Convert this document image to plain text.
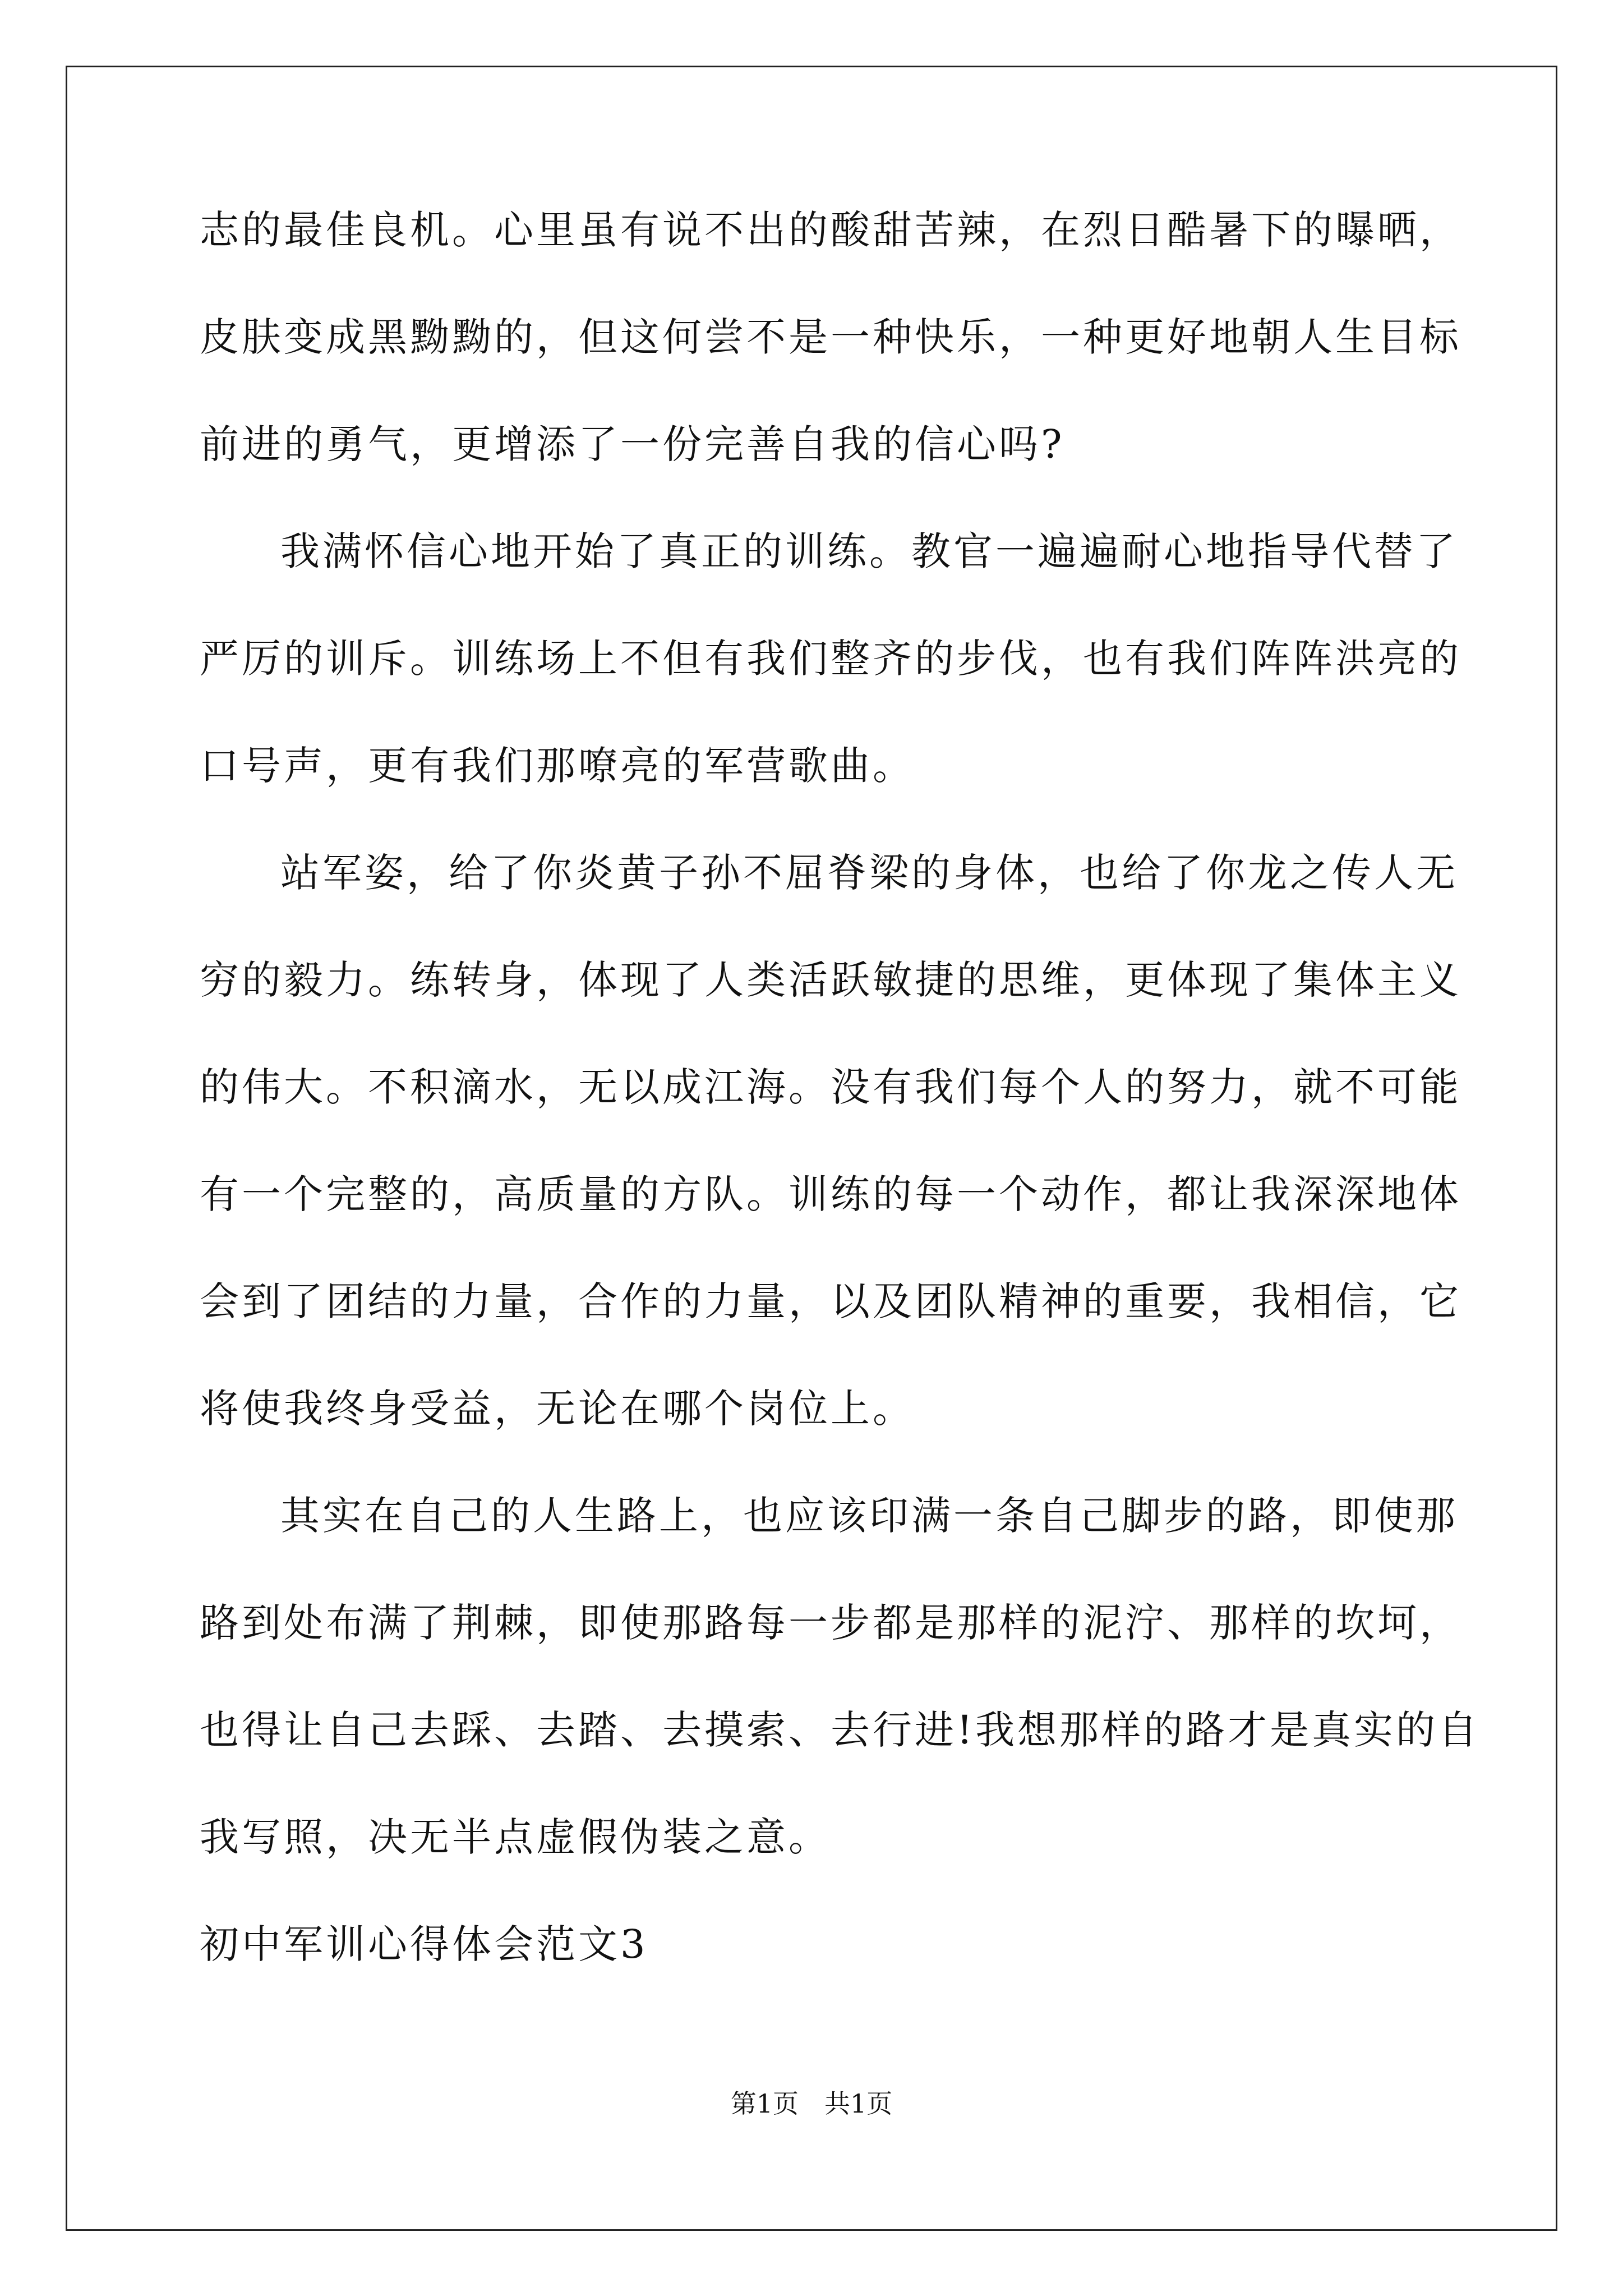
志的最佳良机。心里虽有说不出的酸甜苦辣，在烈日酷暑下的曝晒，
皮肤变成黑黝黝的，但这何尝不是一种快乐，一种更好地朝人生目标
前进的勇气，更增添了一份完善自我的信心吗?
我满怀信心地开始了真正的训练。教官一遍遍耐心地指导代替了
严厉的训斥。训练场上不但有我们整齐的步伐，也有我们阵阵洪亮的
口号声，更有我们那嘹亮的军营歌曲。
站军姿，给了你炎黄子孙不屈脊梁的身体，也给了你龙之传人无
穷的毅力。练转身，体现了人类活跃敏捷的思维，更体现了集体主义
的伟大。不积滴水，无以成江海。没有我们每个人的努力，就不可能
有一个完整的，高质量的方队。训练的每一个动作，都让我深深地体
会到了团结的力量，合作的力量，以及团队精神的重要，我相信，它
将使我终身受益，无论在哪个岗位上。
其实在自己的人生路上，也应该印满一条自己脚步的路，即使那
路到处布满了荆棘，即使那路每一步都是那样的泥泞、那样的坎坷，
也得让自己去踩、去踏、去摸索、去行进!我想那样的路才是真实的自
我写照，决无半点虚假伪装之意。
初中军训心得体会范文3
第1页　共1页
